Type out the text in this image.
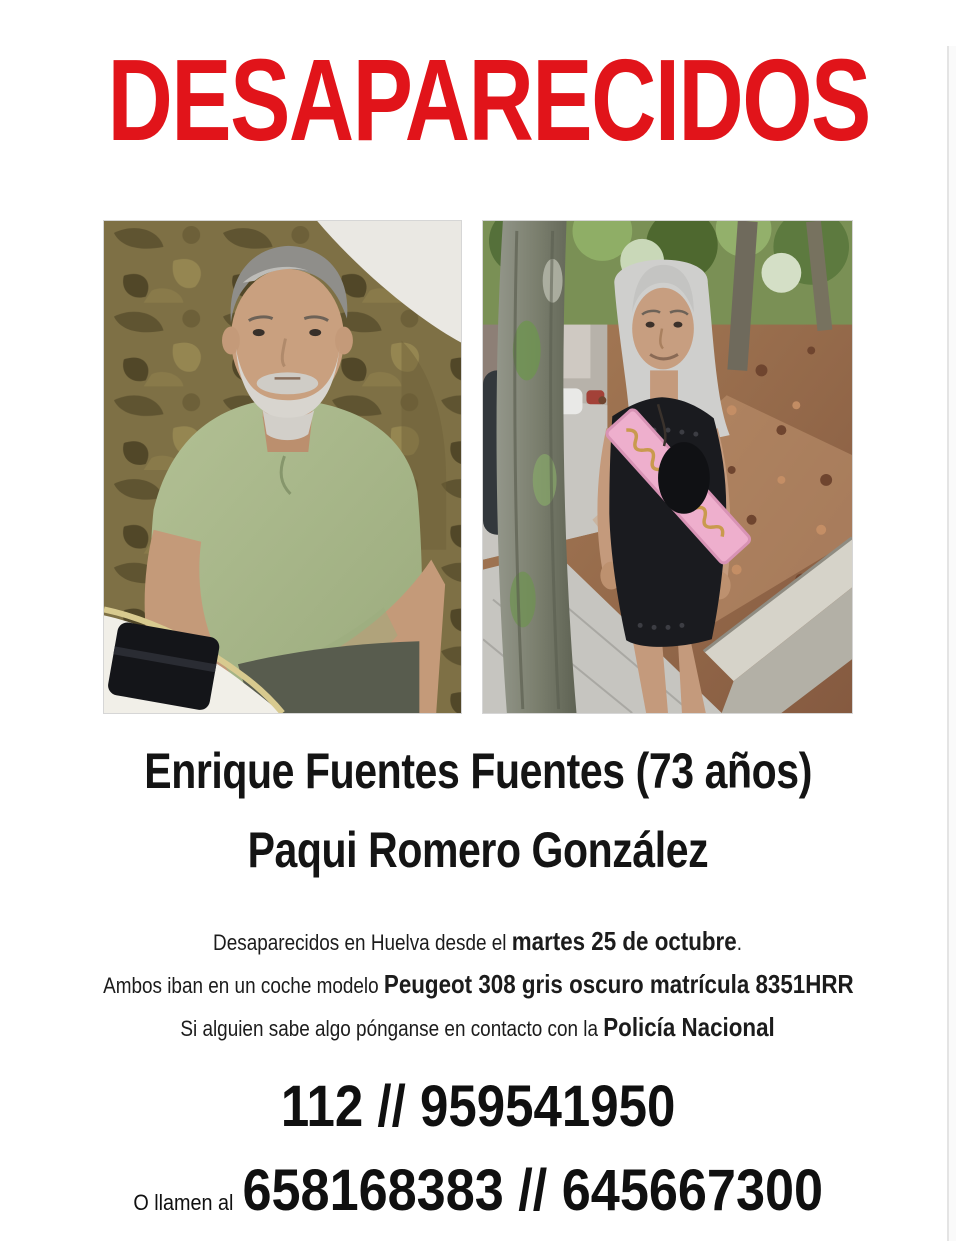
DESAPARECIDOS
Enrique Fuentes Fuentes (73 años)
Paqui Romero González
Desaparecidos en Huelva desde el martes 25 de octubre.
Ambos iban en un coche modelo Peugeot 308 gris oscuro matrícula 8351HRR
Si alguien sabe algo pónganse en contacto con la Policía Nacional
112 // 959541950
O llamen al 658168383 // 645667300
